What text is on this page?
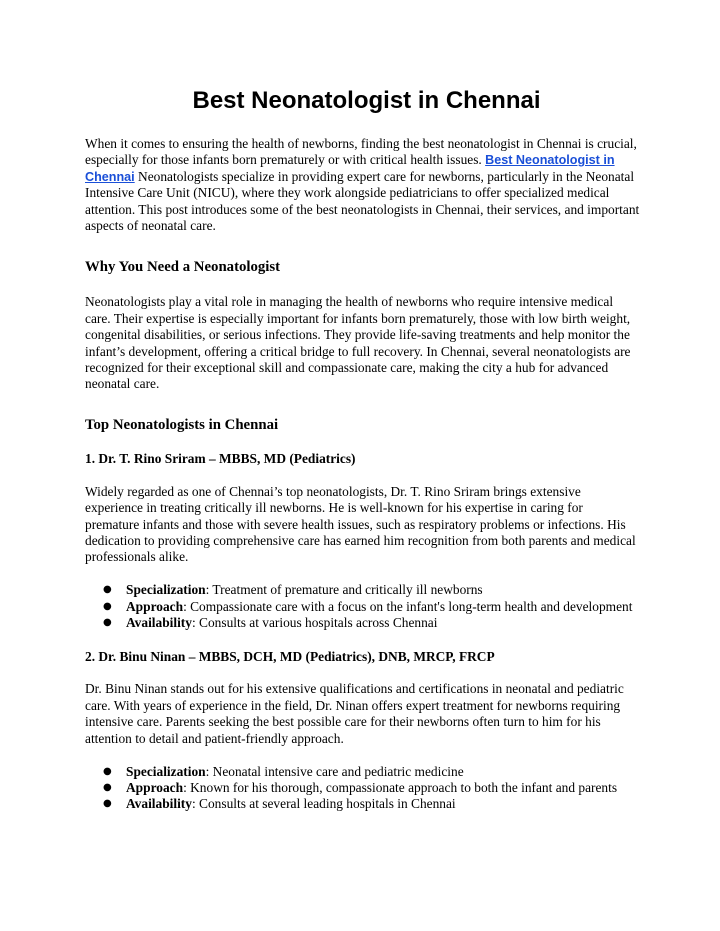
Best Neonatologist in Chennai

When it comes to ensuring the health of newborns, finding the best neonatologist in Chennai is crucial, especially for those infants born prematurely or with critical health issues. Best Neonatologist in Chennai Neonatologists specialize in providing expert care for newborns, particularly in the Neonatal Intensive Care Unit (NICU), where they work alongside pediatricians to offer specialized medical attention. This post introduces some of the best neonatologists in Chennai, their services, and important aspects of neonatal care.

Why You Need a Neonatologist

Neonatologists play a vital role in managing the health of newborns who require intensive medical care. Their expertise is especially important for infants born prematurely, those with low birth weight, congenital disabilities, or serious infections. They provide life-saving treatments and help monitor the infant’s development, offering a critical bridge to full recovery. In Chennai, several neonatologists are recognized for their exceptional skill and compassionate care, making the city a hub for advanced neonatal care.

Top Neonatologists in Chennai
1. Dr. T. Rino Sriram – MBBS, MD (Pediatrics)

Widely regarded as one of Chennai’s top neonatologists, Dr. T. Rino Sriram brings extensive experience in treating critically ill newborns. He is well-known for his expertise in caring for premature infants and those with severe health issues, such as respiratory problems or infections. His dedication to providing comprehensive care has earned him recognition from both parents and medical professionals alike.

● Specialization: Treatment of premature and critically ill newborns
● Approach: Compassionate care with a focus on the infant's long-term health and development
● Availability: Consults at various hospitals across Chennai
2. Dr. Binu Ninan – MBBS, DCH, MD (Pediatrics), DNB, MRCP, FRCP

Dr. Binu Ninan stands out for his extensive qualifications and certifications in neonatal and pediatric care. With years of experience in the field, Dr. Ninan offers expert treatment for newborns requiring intensive care. Parents seeking the best possible care for their newborns often turn to him for his attention to detail and patient-friendly approach.

● Specialization: Neonatal intensive care and pediatric medicine
● Approach: Known for his thorough, compassionate approach to both the infant and parents
● Availability: Consults at several leading hospitals in Chennai
